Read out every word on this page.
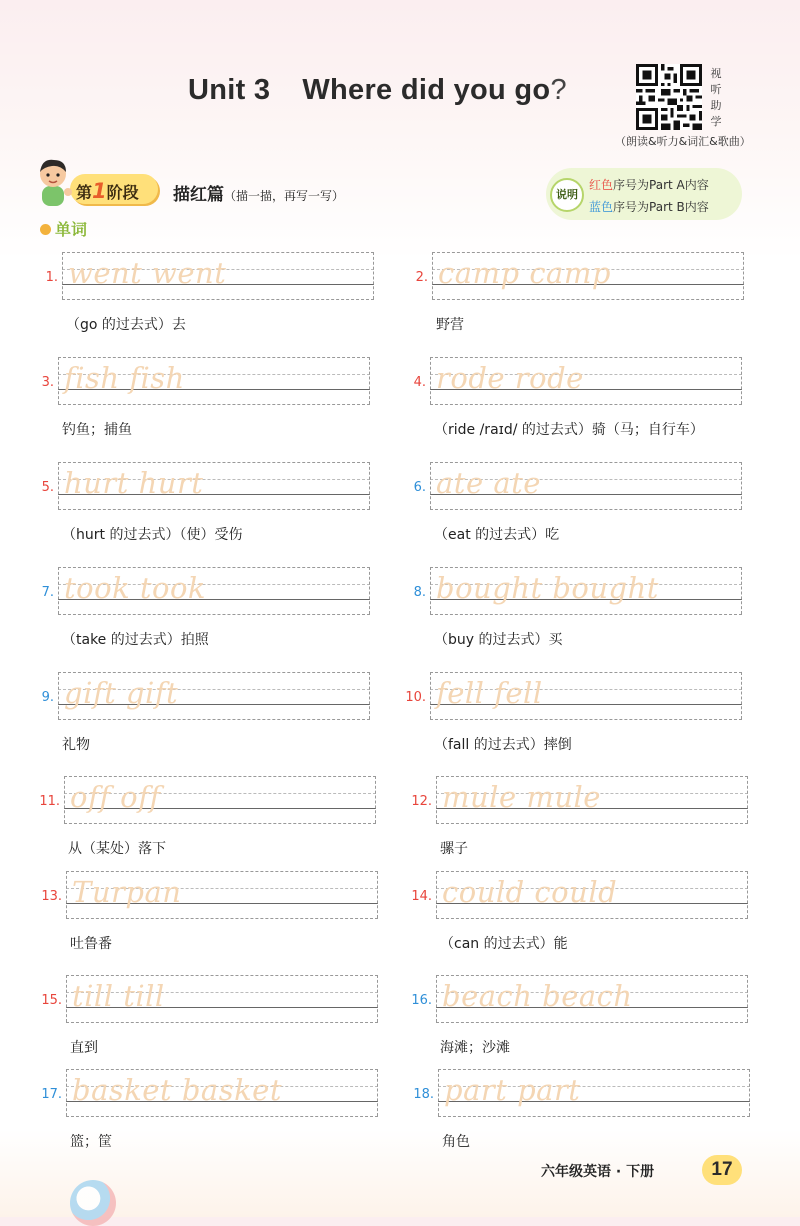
Unit 3 Where did you go?
视
听
助
学
（朗读&听力&词汇&歌曲）
第1阶段 描红篇（描一描，再写一写）	说明
红色序号为Part A内容
蓝色序号为Part B内容
单词
1. went went
（go 的过去式）去
2. camp camp
野营
3. fish fish
钓鱼；捕鱼
4. rode rode
（ride /raɪd/ 的过去式）骑（马；自行车）
5. hurt hurt
（hurt 的过去式）（使）受伤
6. ate ate
（eat 的过去式）吃
7. took took
（take 的过去式）拍照
8. bought bought
（buy 的过去式）买
9. gift gift
礼物
10. fell fell
（fall 的过去式）摔倒
11. off off
从（某处）落下
12. mule mule
骡子
13. Turpan
吐鲁番
14. could could
（can 的过去式）能
15. till till
直到
16. beach beach
海滩；沙滩
17. basket basket
篮；筐
18. part part
角色
六年级英语 · 下册	17
